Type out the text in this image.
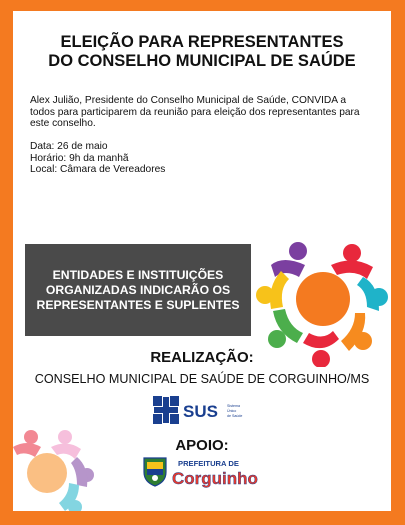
ELEIÇÃO PARA REPRESENTANTES
DO CONSELHO MUNICIPAL DE SAÚDE
Alex Julião, Presidente do Conselho Municipal de Saúde, CONVIDA a
todos para participarem da reunião para eleição dos representantes para
este conselho.
Data: 26 de maio
Horário: 9h da manhã
Local: Câmara de Vereadores
ENTIDADES E INSTITUIÇÕES
ORGANIZADAS INDICARÃO OS
REPRESENTANTES E SUPLENTES
REALIZAÇÃO:
CONSELHO MUNICIPAL DE SAÚDE DE CORGUINHO/MS
SUS	Sistema
Único
de Saúde
APOIO:
PREFEITURA DE
Corguinho
